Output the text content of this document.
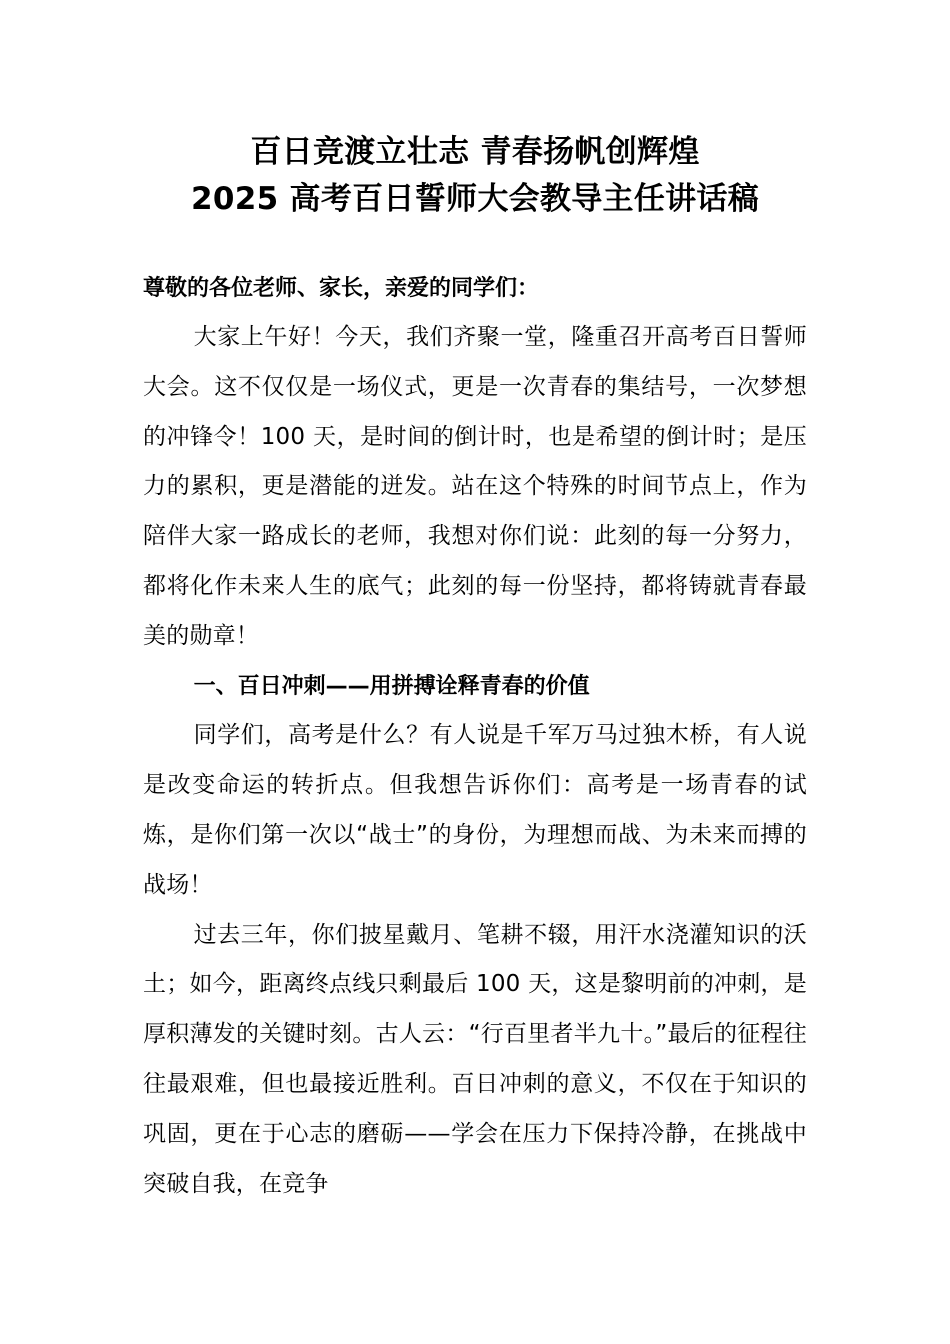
百日竞渡立壮志 青春扬帆创辉煌
2025 高考百日誓师大会教导主任讲话稿

尊敬的各位老师、家长，亲爱的同学们：

大家上午好！今天，我们齐聚一堂，隆重召开高考百日誓师大会。这不仅仅是一场仪式，更是一次青春的集结号，一次梦想的冲锋令！100 天，是时间的倒计时，也是希望的倒计时；是压力的累积，更是潜能的迸发。站在这个特殊的时间节点上，作为陪伴大家一路成长的老师，我想对你们说：此刻的每一分努力，都将化作未来人生的底气；此刻的每一份坚持，都将铸就青春最美的勋章！

一、百日冲刺——用拼搏诠释青春的价值

同学们，高考是什么？有人说是千军万马过独木桥，有人说是改变命运的转折点。但我想告诉你们：高考是一场青春的试炼，是你们第一次以“战士”的身份，为理想而战、为未来而搏的战场！

过去三年，你们披星戴月、笔耕不辍，用汗水浇灌知识的沃土；如今，距离终点线只剩最后 100 天，这是黎明前的冲刺，是厚积薄发的关键时刻。古人云：“行百里者半九十。”最后的征程往往最艰难，但也最接近胜利。百日冲刺的意义，不仅在于知识的巩固，更在于心志的磨砺——学会在压力下保持冷静，在挑战中突破自我，在竞争
